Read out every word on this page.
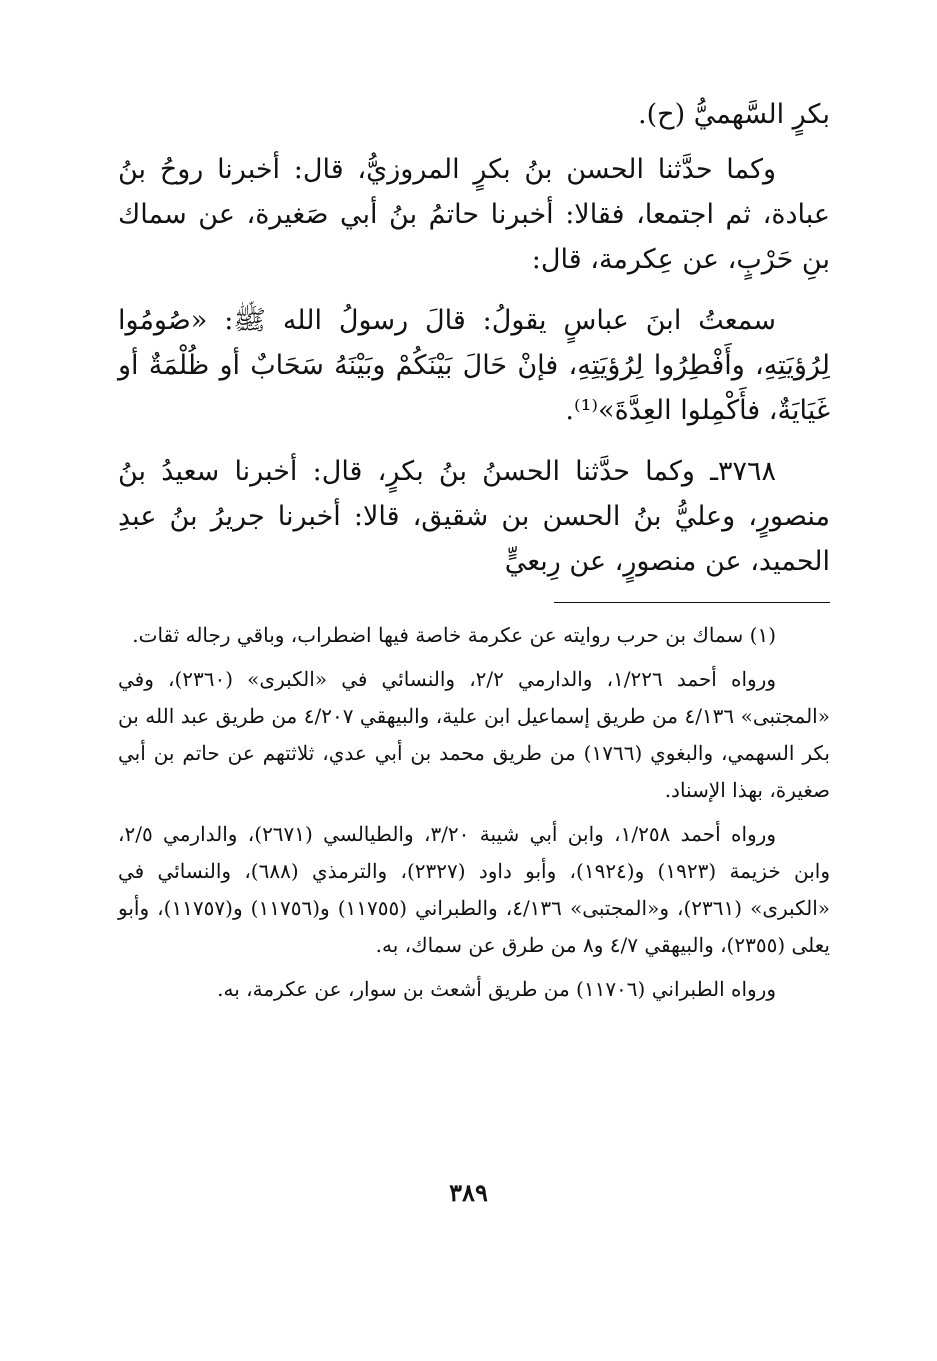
بكرٍ السَّهميُّ (ح).

وكما حدَّثنا الحسن بنُ بكرٍ المروزيُّ، قال: أخبرنا روحُ بنُ عبادة، ثم اجتمعا، فقالا: أخبرنا حاتمُ بنُ أبي صَغيرة، عن سماك بنِ حَرْبٍ، عن عِكرمة، قال:

سمعتُ ابنَ عباسٍ يقولُ: قالَ رسولُ الله ﷺ: «صُومُوا لِرُؤيَتِهِ، وأَفْطِرُوا لِرُؤيَتِهِ، فإنْ حَالَ بَيْنَكُمْ وبَيْنَهُ سَحَابٌ أو ظُلْمَةٌ أو غَيَايَةٌ، فأَكْمِلوا العِدَّةَ»⁽¹⁾.

٣٧٦٨ـ وكما حدَّثنا الحسنُ بنُ بكرٍ، قال: أخبرنا سعيدُ بنُ منصورٍ، وعليُّ بنُ الحسن بن شقيق، قالا: أخبرنا جريرُ بنُ عبدِ الحميد، عن منصورٍ، عن رِبعيٍّ

(١) سماك بن حرب روايته عن عكرمة خاصة فيها اضطراب، وباقي رجاله ثقات.

ورواه أحمد ١/٢٢٦، والدارمي ٢/٢، والنسائي في «الكبرى» (٢٣٦٠)، وفي «المجتبى» ٤/١٣٦ من طريق إسماعيل ابن علية، والبيهقي ٤/٢٠٧ من طريق عبد الله بن بكر السهمي، والبغوي (١٧٦٦) من طريق محمد بن أبي عدي، ثلاثتهم عن حاتم بن أبي صغيرة، بهذا الإسناد.

ورواه أحمد ١/٢٥٨، وابن أبي شيبة ٣/٢٠، والطيالسي (٢٦٧١)، والدارمي ٢/٥، وابن خزيمة (١٩٢٣) و(١٩٢٤)، وأبو داود (٢٣٢٧)، والترمذي (٦٨٨)، والنسائي في «الكبرى» (٢٣٦١)، و«المجتبى» ٤/١٣٦، والطبراني (١١٧٥٥) و(١١٧٥٦) و(١١٧٥٧)، وأبو يعلى (٢٣٥٥)، والبيهقي ٤/٧ و٨ من طرق عن سماك، به.

ورواه الطبراني (١١٧٠٦) من طريق أشعث بن سوار، عن عكرمة، به.

٣٨٩
